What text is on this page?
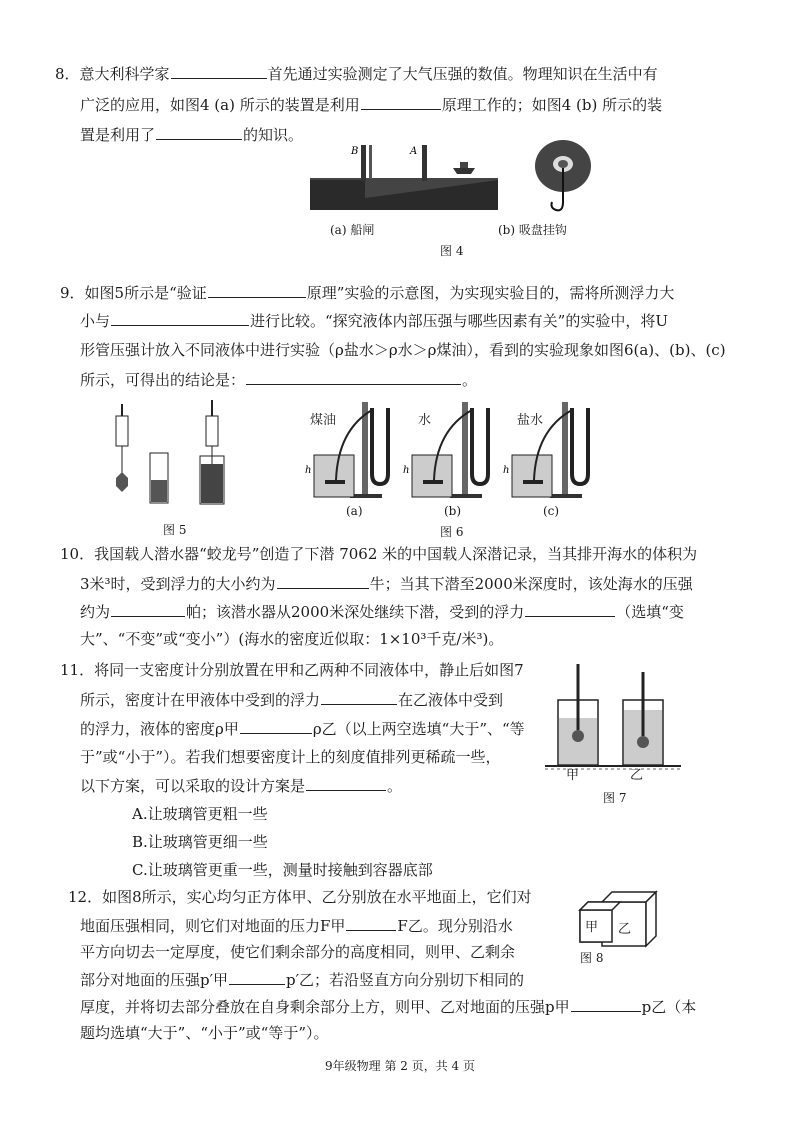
8．意大利科学家	首先通过实验测定了大气压强的数值。物理知识在生活中有
广泛的应用，如图4 (a) 所示的装置是利用	原理工作的；如图4 (b) 所示的装
置是利用了	的知识。
B	A
(a) 船闸	(b) 吸盘挂钩
图 4
9．如图5所示是“验证	原理”实验的示意图，为实现实验目的，需将所测浮力大
小与	进行比较。“探究液体内部压强与哪些因素有关”的实验中，将U
形管压强计放入不同液体中进行实验（ρ盐水＞ρ水＞ρ煤油），看到的实验现象如图6(a)、(b)、(c)
所示，可得出的结论是：	。
图 5
h	h	h
煤油	水	盐水
(a)	(b)	(c)
图 6
10．我国载人潜水器“蛟龙号”创造了下潜 7062 米的中国载人深潜记录，当其排开海水的体积为
3米³时，受到浮力的大小约为	牛；当其下潜至2000米深度时，该处海水的压强
约为	帕；该潜水器从2000米深处继续下潜，受到的浮力	（选填“变
大”、“不变”或“变小”）(海水的密度近似取：1×10³千克/米³)。
11．将同一支密度计分别放置在甲和乙两种不同液体中，静止后如图7
所示，密度计在甲液体中受到的浮力	在乙液体中受到
的浮力，液体的密度ρ甲	ρ乙（以上两空选填“大于”、“等
于”或“小于”）。若我们想要密度计上的刻度值排列更稀疏一些，
以下方案，可以采取的设计方案是	。
A.让玻璃管更粗一些
B.让玻璃管更细一些
C.让玻璃管更重一些，测量时接触到容器底部
甲	乙
图 7
12．如图8所示，实心均匀正方体甲、乙分别放在水平地面上，它们对
地面压强相同，则它们对地面的压力F甲	F乙。现分别沿水
平方向切去一定厚度，使它们剩余部分的高度相同，则甲、乙剩余
部分对地面的压强p′甲	p′乙；若沿竖直方向分别切下相同的
厚度，并将切去部分叠放在自身剩余部分上方，则甲、乙对地面的压强p甲	p乙（本
题均选填“大于”、“小于”或“等于”）。
甲 乙
图 8
9年级物理 第 2 页，共 4 页
